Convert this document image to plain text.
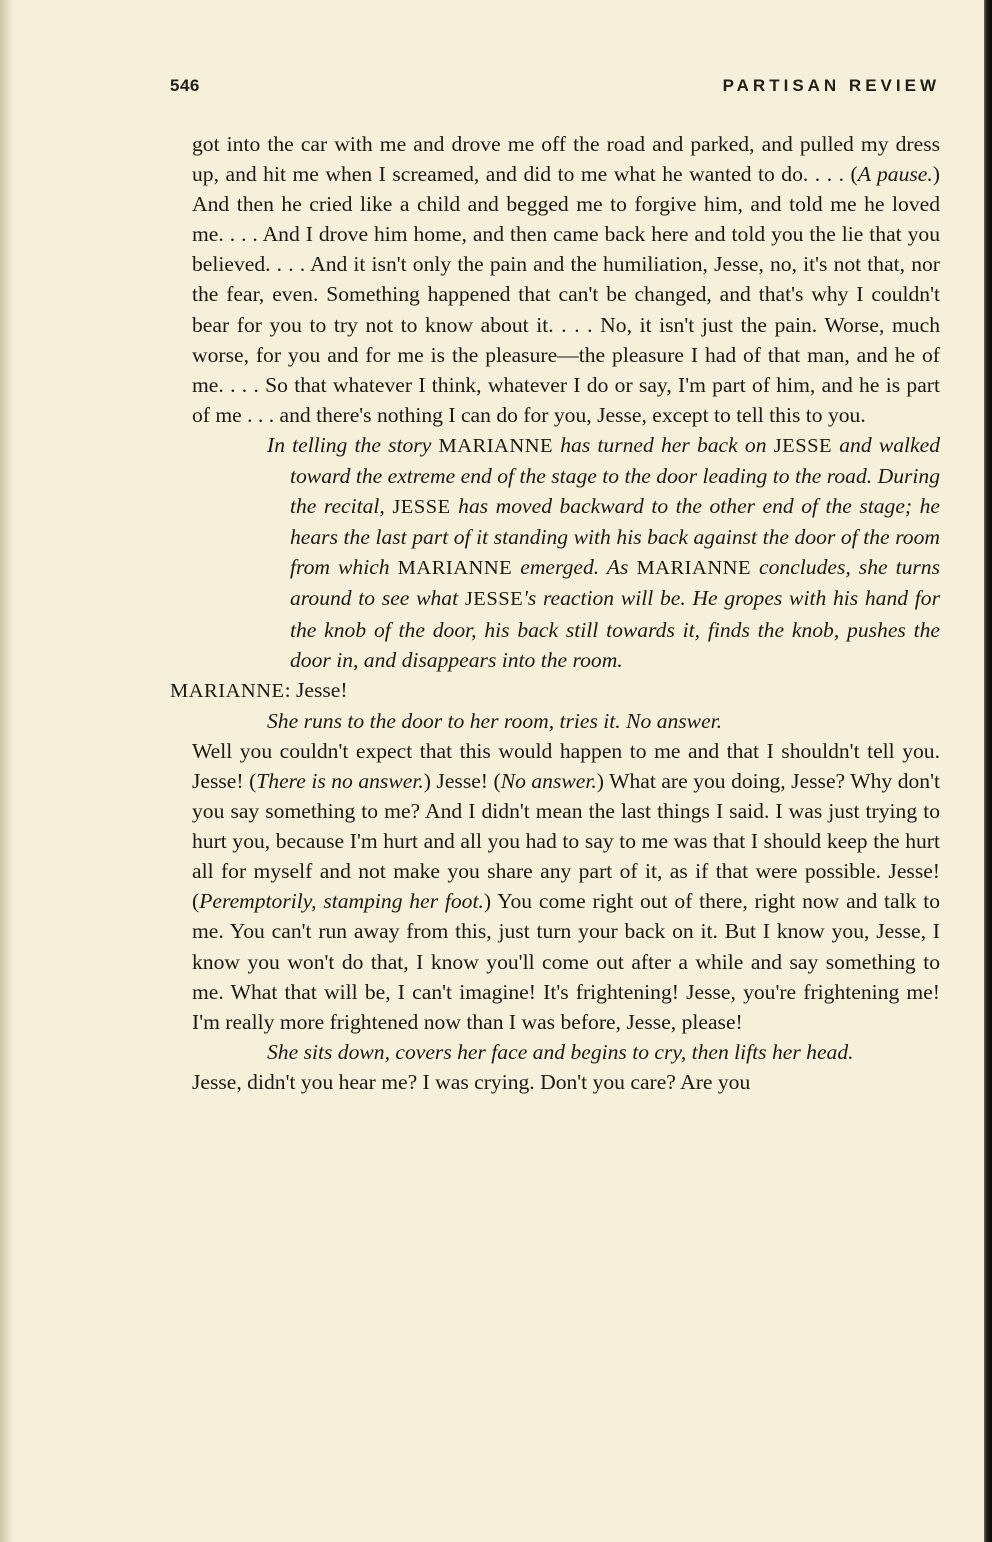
546	PARTISAN REVIEW

got into the car with me and drove me off the road and parked, and pulled my dress up, and hit me when I screamed, and did to me what he wanted to do. . . . (A pause.) And then he cried like a child and begged me to forgive him, and told me he loved me. . . . And I drove him home, and then came back here and told you the lie that you believed. . . . And it isn't only the pain and the humiliation, Jesse, no, it's not that, nor the fear, even. Something happened that can't be changed, and that's why I couldn't bear for you to try not to know about it. . . . No, it isn't just the pain. Worse, much worse, for you and for me is the pleasure—the pleasure I had of that man, and he of me. . . . So that whatever I think, whatever I do or say, I'm part of him, and he is part of me . . . and there's nothing I can do for you, Jesse, except to tell this to you.

In telling the story MARIANNE has turned her back on JESSE and walked toward the extreme end of the stage to the door leading to the road. During the recital, JESSE has moved backward to the other end of the stage; he hears the last part of it standing with his back against the door of the room from which MARIANNE emerged. As MARIANNE concludes, she turns around to see what JESSE's reaction will be. He gropes with his hand for the knob of the door, his back still towards it, finds the knob, pushes the door in, and disappears into the room.

MARIANNE: Jesse!

She runs to the door to her room, tries it. No answer.

Well you couldn't expect that this would happen to me and that I shouldn't tell you. Jesse! (There is no answer.) Jesse! (No answer.) What are you doing, Jesse? Why don't you say something to me? And I didn't mean the last things I said. I was just trying to hurt you, because I'm hurt and all you had to say to me was that I should keep the hurt all for myself and not make you share any part of it, as if that were possible. Jesse! (Peremptorily, stamping her foot.) You come right out of there, right now and talk to me. You can't run away from this, just turn your back on it. But I know you, Jesse, I know you won't do that, I know you'll come out after a while and say something to me. What that will be, I can't imagine! It's frightening! Jesse, you're frightening me! I'm really more frightened now than I was before, Jesse, please!

She sits down, covers her face and begins to cry, then lifts her head.

Jesse, didn't you hear me? I was crying. Don't you care? Are you
